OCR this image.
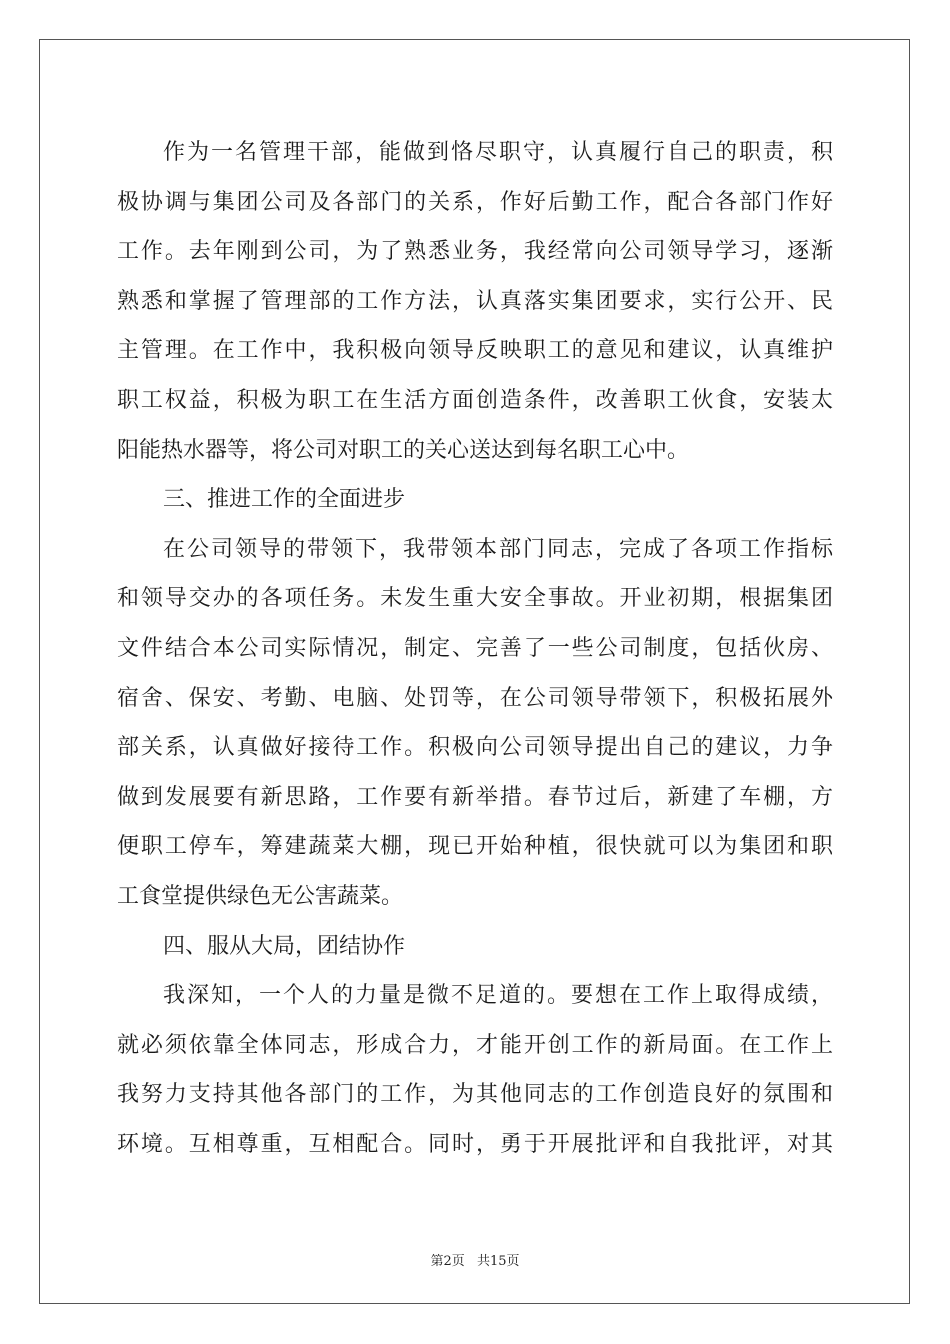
作为一名管理干部，能做到恪尽职守，认真履行自己的职责，积
极协调与集团公司及各部门的关系，作好后勤工作，配合各部门作好
工作。去年刚到公司，为了熟悉业务，我经常向公司领导学习，逐渐
熟悉和掌握了管理部的工作方法，认真落实集团要求，实行公开、民
主管理。在工作中，我积极向领导反映职工的意见和建议，认真维护
职工权益，积极为职工在生活方面创造条件，改善职工伙食，安装太
阳能热水器等，将公司对职工的关心送达到每名职工心中。
三、推进工作的全面进步
在公司领导的带领下，我带领本部门同志，完成了各项工作指标
和领导交办的各项任务。未发生重大安全事故。开业初期，根据集团
文件结合本公司实际情况，制定、完善了一些公司制度，包括伙房、
宿舍、保安、考勤、电脑、处罚等，在公司领导带领下，积极拓展外
部关系，认真做好接待工作。积极向公司领导提出自己的建议，力争
做到发展要有新思路，工作要有新举措。春节过后，新建了车棚，方
便职工停车，筹建蔬菜大棚，现已开始种植，很快就可以为集团和职
工食堂提供绿色无公害蔬菜。
四、服从大局，团结协作
我深知，一个人的力量是微不足道的。要想在工作上取得成绩，
就必须依靠全体同志，形成合力，才能开创工作的新局面。在工作上
我努力支持其他各部门的工作，为其他同志的工作创造良好的氛围和
环境。互相尊重，互相配合。同时，勇于开展批评和自我批评，对其
第2页 共15页
